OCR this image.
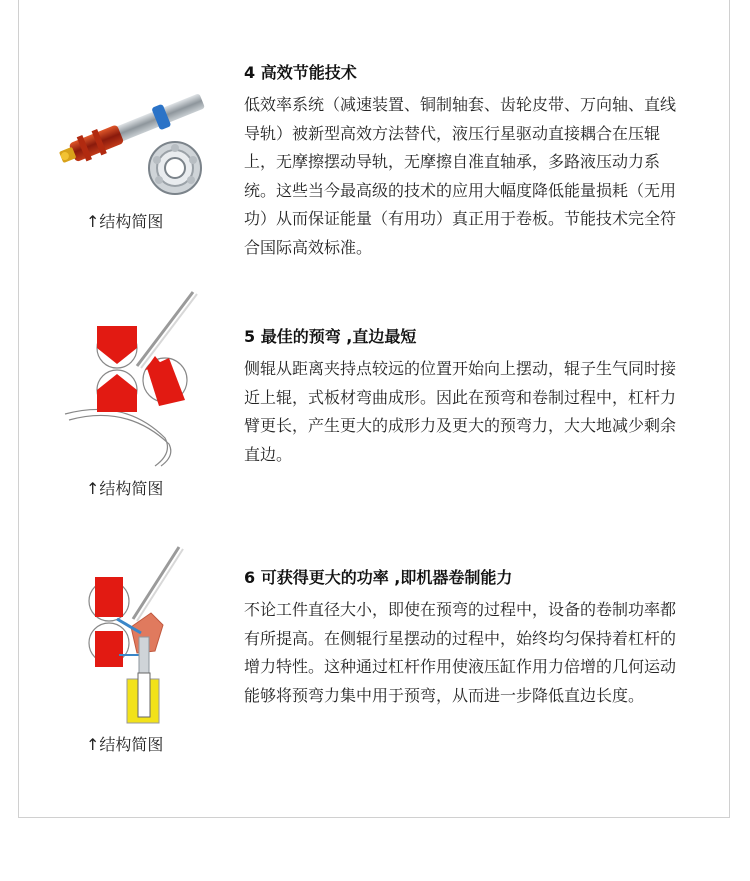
↑结构简图
4 高效节能技术

低效率系统（减速装置、铜制轴套、齿轮皮带、万向轴、直线导轨）被新型高效方法替代，液压行星驱动直接耦合在压辊上，无摩擦摆动导轨，无摩擦自准直轴承，多路液压动力系统。这些当今最高级的技术的应用大幅度降低能量损耗（无用功）从而保证能量（有用功）真正用于卷板。节能技术完全符合国际高效标准。

↑结构简图
5 最佳的预弯 ,直边最短

侧辊从距离夹持点较远的位置开始向上摆动，辊子生气同时接近上辊，式板材弯曲成形。因此在预弯和卷制过程中，杠杆力臂更长，产生更大的成形力及更大的预弯力，大大地减少剩余直边。

↑结构简图
6 可获得更大的功率 ,即机器卷制能力

不论工件直径大小，即使在预弯的过程中，设备的卷制功率都有所提高。在侧辊行星摆动的过程中，始终均匀保持着杠杆的增力特性。这种通过杠杆作用使液压缸作用力倍增的几何运动能够将预弯力集中用于预弯，从而进一步降低直边长度。
